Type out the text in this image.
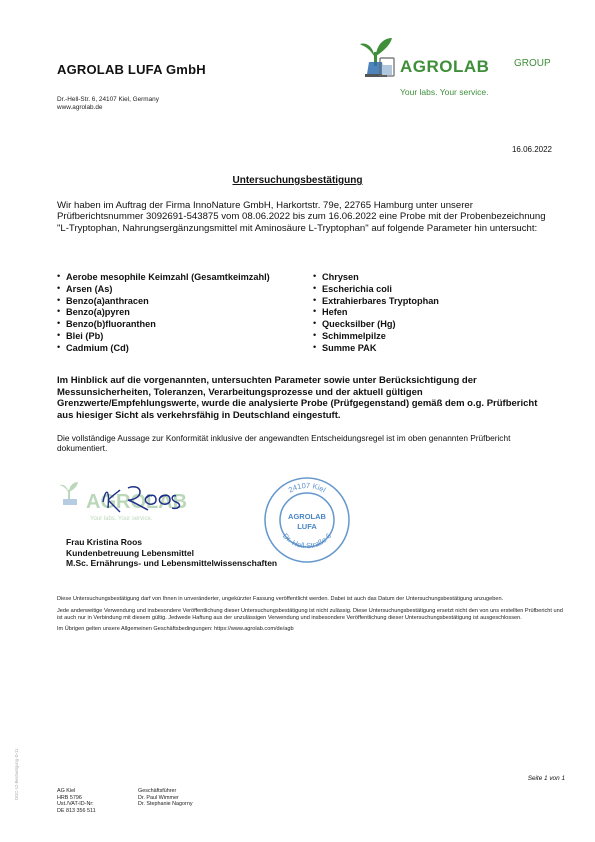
AGROLAB LUFA GmbH
Dr.-Hell-Str. 6, 24107 Kiel, Germany
www.agrolab.de
AGROLAB GROUP
Your labs. Your service.
16.06.2022
Untersuchungsbestätigung
Wir haben im Auftrag der Firma InnoNature GmbH, Harkortstr. 79e, 22765 Hamburg unter unserer Prüfberichtsnummer 3092691-543875 vom 08.06.2022 bis zum 16.06.2022 eine Probe mit der Probenbezeichnung "L-Tryptophan, Nahrungsergänzungsmittel mit Aminosäure L-Tryptophan" auf folgende Parameter hin untersucht:
• Aerobe mesophile Keimzahl (Gesamtkeimzahl)
• Arsen (As)
• Benzo(a)anthracen
• Benzo(a)pyren
• Benzo(b)fluoranthen
• Blei (Pb)
• Cadmium (Cd)
• Chrysen
• Escherichia coli
• Extrahierbares Tryptophan
• Hefen
• Quecksilber (Hg)
• Schimmelpilze
• Summe PAK
Im Hinblick auf die vorgenannten, untersuchten Parameter sowie unter Berücksichtigung der Messunsicherheiten, Toleranzen, Verarbeitungsprozesse und der aktuell gültigen Grenzwerte/Empfehlungswerte, wurde die analysierte Probe (Prüfgegenstand) gemäß dem o.g. Prüfbericht aus hiesiger Sicht als verkehrsfähig in Deutschland eingestuft.
Die vollständige Aussage zur Konformität inklusive der angewandten Entscheidungsregel ist im oben genannten Prüfbericht dokumentiert.
AGROLAB
Your labs. Your service.
24107 Kiel
Dr.-Hell-Straße 6
AGROLAB
LUFA
Frau Kristina Roos
Kundenbetreuung Lebensmittel
M.Sc. Ernährungs- und Lebensmittelwissenschaften

Diese Untersuchungsbestätigung darf von Ihnen in unveränderter, ungekürzter Fassung veröffentlicht werden. Dabei ist auch das Datum der Untersuchungsbestätigung anzugeben.

Jede anderweitige Verwendung und insbesondere Veröffentlichung dieser Untersuchungsbestätigung ist nicht zulässig. Diese Untersuchungsbestätigung ersetzt nicht den von uns erstellten Prüfbericht und ist auch nur in Verbindung mit diesem gültig. Jedwede Haftung aus der unzulässigen Verwendung und insbesondere Veröffentlichung dieser Untersuchungsbestätigung ist ausgeschlossen.

Im Übrigen gelten unsere Allgemeinen Geschäftsbedingungen: https://www.agrolab.com/de/agb

DOC-12-Bestaetigung-D-11	Seite 1 von 1
AG Kiel
HRB 5796
Ust./VAT-ID-Nr:
DE 813 356 511
Geschäftsführer
Dr. Paul Wimmer
Dr. Stephanie Nagorny
